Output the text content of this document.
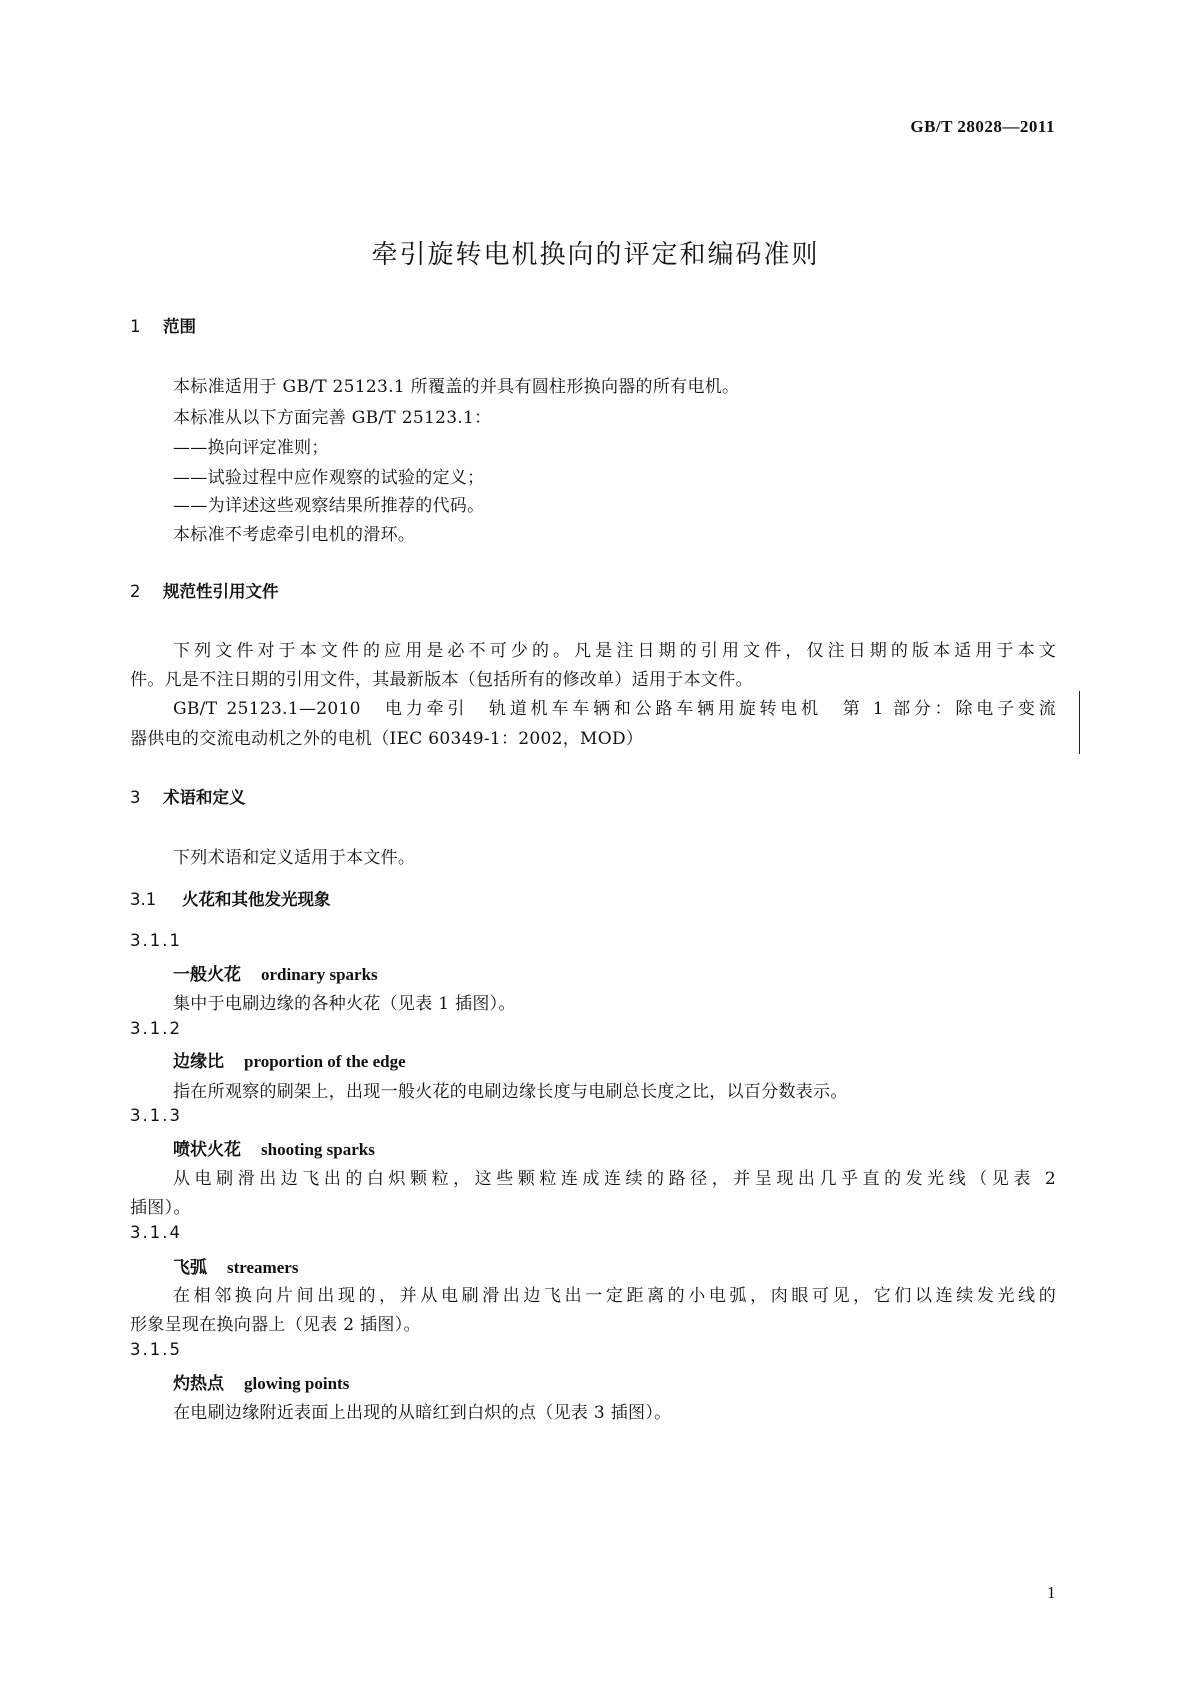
GB/T 28028—2011
牵引旋转电机换向的评定和编码准则
1 范围
本标准适用于 GB/T 25123.1 所覆盖的并具有圆柱形换向器的所有电机。
本标准从以下方面完善 GB/T 25123.1：
——换向评定准则；
——试验过程中应作观察的试验的定义；
——为详述这些观察结果所推荐的代码。
本标准不考虑牵引电机的滑环。
2 规范性引用文件
下列文件对于本文件的应用是必不可少的。凡是注日期的引用文件，仅注日期的版本适用于本文
件。凡是不注日期的引用文件，其最新版本（包括所有的修改单）适用于本文件。
GB/T 25123.1—2010　电力牵引　轨道机车车辆和公路车辆用旋转电机　第 1 部分：除电子变流
器供电的交流电动机之外的电机（IEC 60349-1：2002，MOD）
3 术语和定义
下列术语和定义适用于本文件。
3.1 火花和其他发光现象
3.1.1
一般火花 ordinary sparks
集中于电刷边缘的各种火花（见表 1 插图）。
3.1.2
边缘比 proportion of the edge
指在所观察的刷架上，出现一般火花的电刷边缘长度与电刷总长度之比，以百分数表示。
3.1.3
喷状火花 shooting sparks
从电刷滑出边飞出的白炽颗粒，这些颗粒连成连续的路径，并呈现出几乎直的发光线（见表 2
插图）。
3.1.4
飞弧 streamers
在相邻换向片间出现的，并从电刷滑出边飞出一定距离的小电弧，肉眼可见，它们以连续发光线的
形象呈现在换向器上（见表 2 插图）。
3.1.5
灼热点 glowing points
在电刷边缘附近表面上出现的从暗红到白炽的点（见表 3 插图）。
1
